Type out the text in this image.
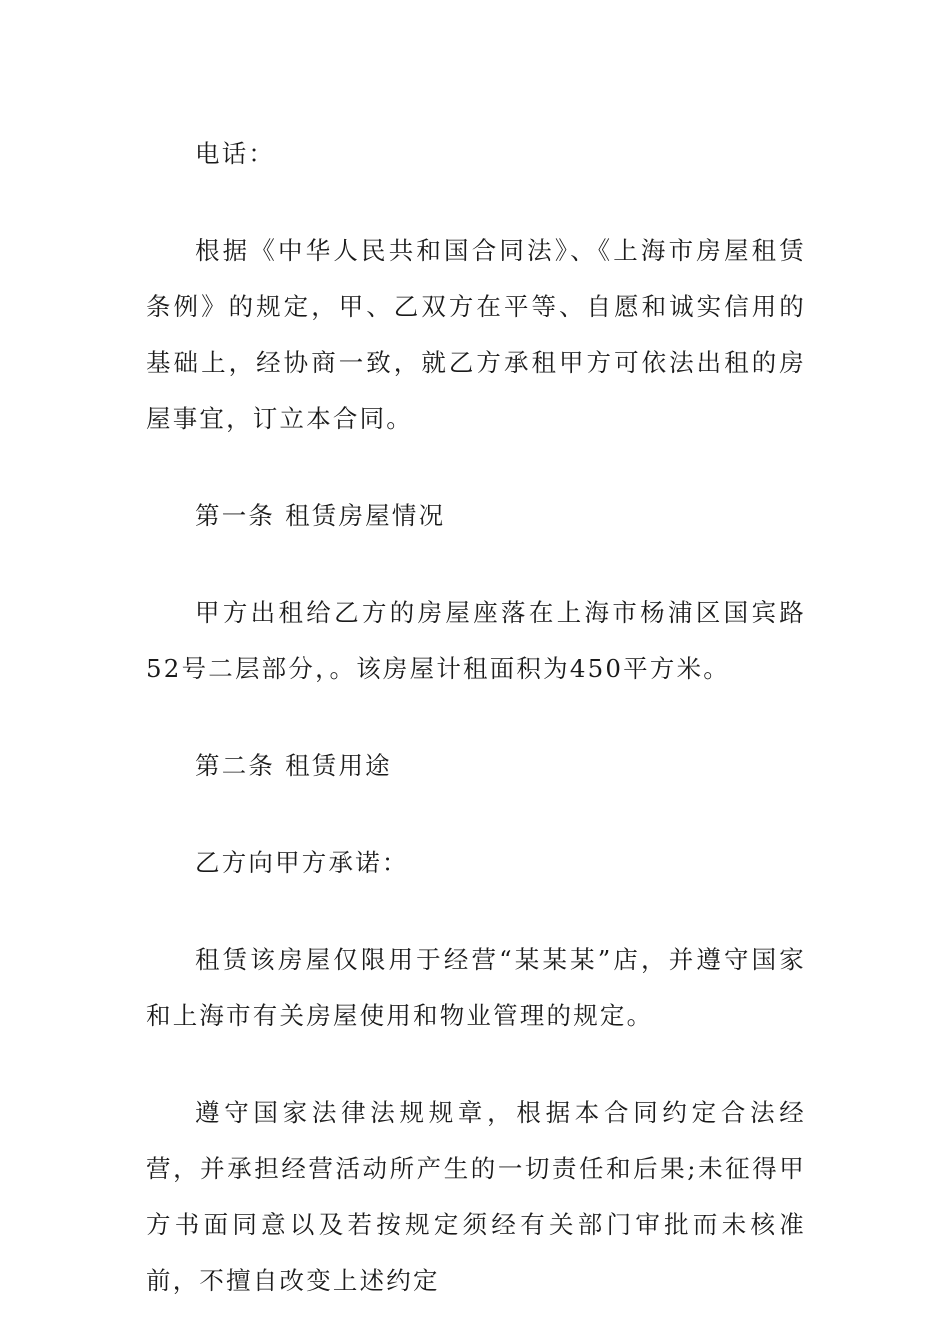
电话：

根据《中华人民共和国合同法》、《上海市房屋租赁条例》的规定，甲、乙双方在平等、自愿和诚实信用的基础上，经协商一致，就乙方承租甲方可依法出租的房屋事宜，订立本合同。

第一条 租赁房屋情况

甲方出租给乙方的房屋座落在上海市杨浦区国宾路52号二层部分，。该房屋计租面积为450平方米。

第二条 租赁用途

乙方向甲方承诺：

租赁该房屋仅限用于经营“某某某”店，并遵守国家和上海市有关房屋使用和物业管理的规定。

遵守国家法律法规规章，根据本合同约定合法经营，并承担经营活动所产生的一切责任和后果;未征得甲方书面同意以及若按规定须经有关部门审批而未核准前，不擅自改变上述约定
